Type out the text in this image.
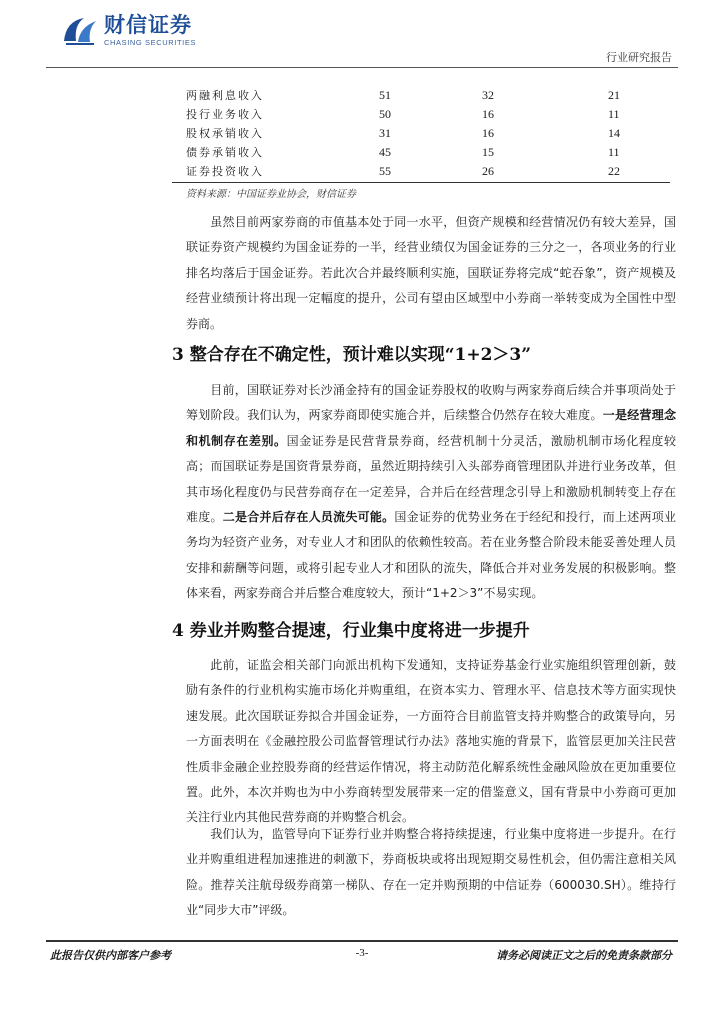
财信证券
CHASING SECURITIES
行业研究报告
两融利息收入	51	32	21
投行业务收入	50	16	11
股权承销收入	31	16	14
债券承销收入	45	15	11
证券投资收入	55	26	22
资料来源：中国证券业协会，财信证券
虽然目前两家券商的市值基本处于同一水平，但资产规模和经营情况仍有较大差异，国联证券资产规模约为国金证券的一半，经营业绩仅为国金证券的三分之一，各项业务的行业排名均落后于国金证券。若此次合并最终顺利实施，国联证券将完成“蛇吞象”，资产规模及经营业绩预计将出现一定幅度的提升，公司有望由区域型中小券商一举转变成为全国性中型券商。
3 整合存在不确定性，预计难以实现“1+2＞3”
目前，国联证券对长沙涌金持有的国金证券股权的收购与两家券商后续合并事项尚处于筹划阶段。我们认为，两家券商即使实施合并，后续整合仍然存在较大难度。一是经营理念和机制存在差别。国金证券是民营背景券商，经营机制十分灵活，激励机制市场化程度较高；而国联证券是国资背景券商，虽然近期持续引入头部券商管理团队并进行业务改革，但其市场化程度仍与民营券商存在一定差异，合并后在经营理念引导上和激励机制转变上存在难度。二是合并后存在人员流失可能。国金证券的优势业务在于经纪和投行，而上述两项业务均为轻资产业务，对专业人才和团队的依赖性较高。若在业务整合阶段未能妥善处理人员安排和薪酬等问题，或将引起专业人才和团队的流失，降低合并对业务发展的积极影响。整体来看，两家券商合并后整合难度较大，预计“1+2＞3”不易实现。
4 券业并购整合提速，行业集中度将进一步提升
此前，证监会相关部门向派出机构下发通知，支持证券基金行业实施组织管理创新，鼓励有条件的行业机构实施市场化并购重组，在资本实力、管理水平、信息技术等方面实现快速发展。此次国联证券拟合并国金证券，一方面符合目前监管支持并购整合的政策导向，另一方面表明在《金融控股公司监督管理试行办法》落地实施的背景下，监管层更加关注民营性质非金融企业控股券商的经营运作情况，将主动防范化解系统性金融风险放在更加重要位置。此外，本次并购也为中小券商转型发展带来一定的借鉴意义，国有背景中小券商可更加关注行业内其他民营券商的并购整合机会。
我们认为，监管导向下证券行业并购整合将持续提速，行业集中度将进一步提升。在行业并购重组进程加速推进的刺激下，券商板块或将出现短期交易性机会，但仍需注意相关风险。推荐关注航母级券商第一梯队、存在一定并购预期的中信证券（600030.SH）。维持行业“同步大市”评级。
此报告仅供内部客户参考	-3-	请务必阅读正文之后的免责条款部分
